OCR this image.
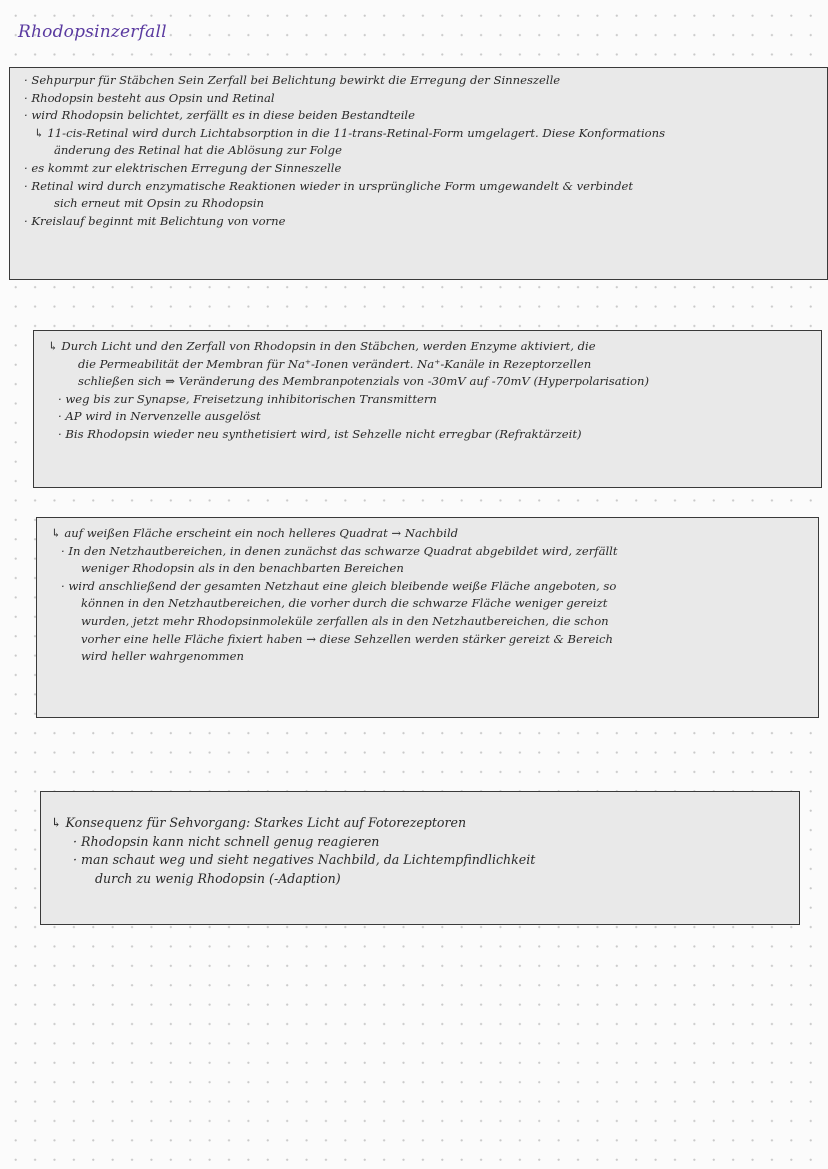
Rhodopsinzerfall
· Sehpurpur für Stäbchen Sein Zerfall bei Belichtung bewirkt die Erregung der Sinneszelle
· Rhodopsin besteht aus Opsin und Retinal
· wird Rhodopsin belichtet, zerfällt es in diese beiden Bestandteile
↳ 11-cis-Retinal wird durch Lichtabsorption in die 11-trans-Retinal-Form umgelagert. Diese Konformations
änderung des Retinal hat die Ablösung zur Folge
· es kommt zur elektrischen Erregung der Sinneszelle
· Retinal wird durch enzymatische Reaktionen wieder in ursprüngliche Form umgewandelt & verbindet
sich erneut mit Opsin zu Rhodopsin
· Kreislauf beginnt mit Belichtung von vorne
↳ Durch Licht und den Zerfall von Rhodopsin in den Stäbchen, werden Enzyme aktiviert, die
die Permeabilität der Membran für Na⁺-Ionen verändert. Na⁺-Kanäle in Rezeptorzellen
schließen sich ⇒ Veränderung des Membranpotenzials von -30mV auf -70mV (Hyperpolarisation)
· weg bis zur Synapse, Freisetzung inhibitorischen Transmittern
· AP wird in Nervenzelle ausgelöst
· Bis Rhodopsin wieder neu synthetisiert wird, ist Sehzelle nicht erregbar (Refraktärzeit)
↳ auf weißen Fläche erscheint ein noch helleres Quadrat → Nachbild
· In den Netzhautbereichen, in denen zunächst das schwarze Quadrat abgebildet wird, zerfällt
weniger Rhodopsin als in den benachbarten Bereichen
· wird anschließend der gesamten Netzhaut eine gleich bleibende weiße Fläche angeboten, so
können in den Netzhautbereichen, die vorher durch die schwarze Fläche weniger gereizt
wurden, jetzt mehr Rhodopsinmoleküle zerfallen als in den Netzhautbereichen, die schon
vorher eine helle Fläche fixiert haben → diese Sehzellen werden stärker gereizt & Bereich
wird heller wahrgenommen
↳ Konsequenz für Sehvorgang: Starkes Licht auf Fotorezeptoren
· Rhodopsin kann nicht schnell genug reagieren
· man schaut weg und sieht negatives Nachbild, da Lichtempfindlichkeit
durch zu wenig Rhodopsin (-Adaption)
